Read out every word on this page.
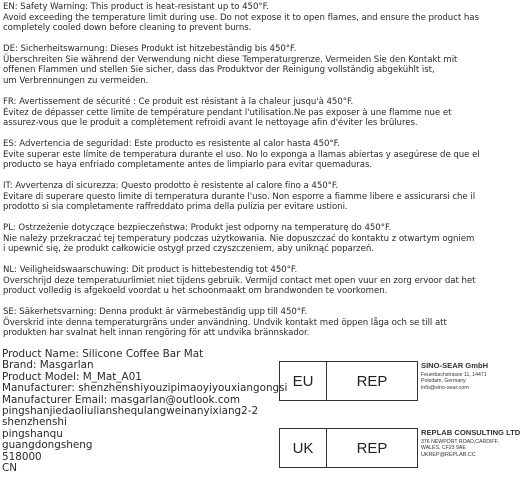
EN: Safety Warning: This product is heat-resistant up to 450°F.
Avoid exceeding the temperature limit during use. Do not expose it to open flames, and ensure the product has
completely cooled down before cleaning to prevent burns.
DE: Sicherheitswarnung: Dieses Produkt ist hitzebeständig bis 450°F.
Überschreiten Sie während der Verwendung nicht diese Temperaturgrenze. Vermeiden Sie den Kontakt mit
offenen Flammen und stellen Sie sicher, dass das Produktvor der Reinigung vollständig abgekühlt ist,
um Verbrennungen zu vermeiden.
FR: Avertissement de sécurité : Ce produit est résistant à la chaleur jusqu'à 450°F.
Évitez de dépasser cette limite de température pendant l'utilisation.Ne pas exposer à une flamme nue et
assurez-vous que le produit a complètement refroidi avant le nettoyage afin d'éviter les brûlures.
ES: Advertencia de seguridad: Este producto es resistente al calor hasta 450°F.
Evite superar este límite de temperatura durante el uso. No lo exponga a llamas abiertas y asegúrese de que el
producto se haya enfriado completamente antes de limpiarlo para evitar quemaduras.
IT: Avvertenza di sicurezza: Questo prodotto è resistente al calore fino a 450°F.
Evitare di superare questo limite di temperatura durante l'uso. Non esporre a fiamme libere e assicurarsi che il
prodotto si sia completamente raffreddato prima della pulizia per evitare ustioni.
PL: Ostrzeżenie dotyczące bezpieczeństwa: Produkt jest odporny na temperaturę do 450°F.
Nie należy przekraczać tej temperatury podczas użytkowania. Nie dopuszczać do kontaktu z otwartym ogniem
i upewnić się, że produkt całkowicie ostygł przed czyszczeniem, aby uniknąć poparzeń.
NL: Veiligheidswaarschuwing: Dit product is hittebestendig tot 450°F.
Overschrijd deze temperatuurlimiet niet tijdens gebruik. Vermijd contact met open vuur en zorg ervoor dat het
product volledig is afgekoeld voordat u het schoonmaakt om brandwonden te voorkomen.
SE: Säkerhetsvarning: Denna produkt är värmebeständig upp till 450°F.
Överskrid inte denna temperaturgräns under användning. Undvik kontakt med öppen låga och se till att
produkten har svalnat helt innan rengöring för att undvika brännskador.
Product Name: Silicone Coffee Bar Mat
Brand: Masgarlan
Product Model: M_Mat_A01
Manufacturer: shenzhenshiyouzipimaoyiyouxiangongsi
Manufacturer Email: masgarlan@outlook.com
pingshanjiedaoliulianshequlangweinanyixiang2-2
shenzhenshi
pingshanqu
guangdongsheng
518000
CN
EU	REP
SINO-SEAR GmbH
Feuerbachstrasse 11, 14471 Potsdam, Germany
info@sino-sear.com
UK	REP
REPLAB CONSULTING LTD
376 NEWPORT ROAD,CARDIFF, WALES, CF23 9AE
UKREP@REPLAB.CC
